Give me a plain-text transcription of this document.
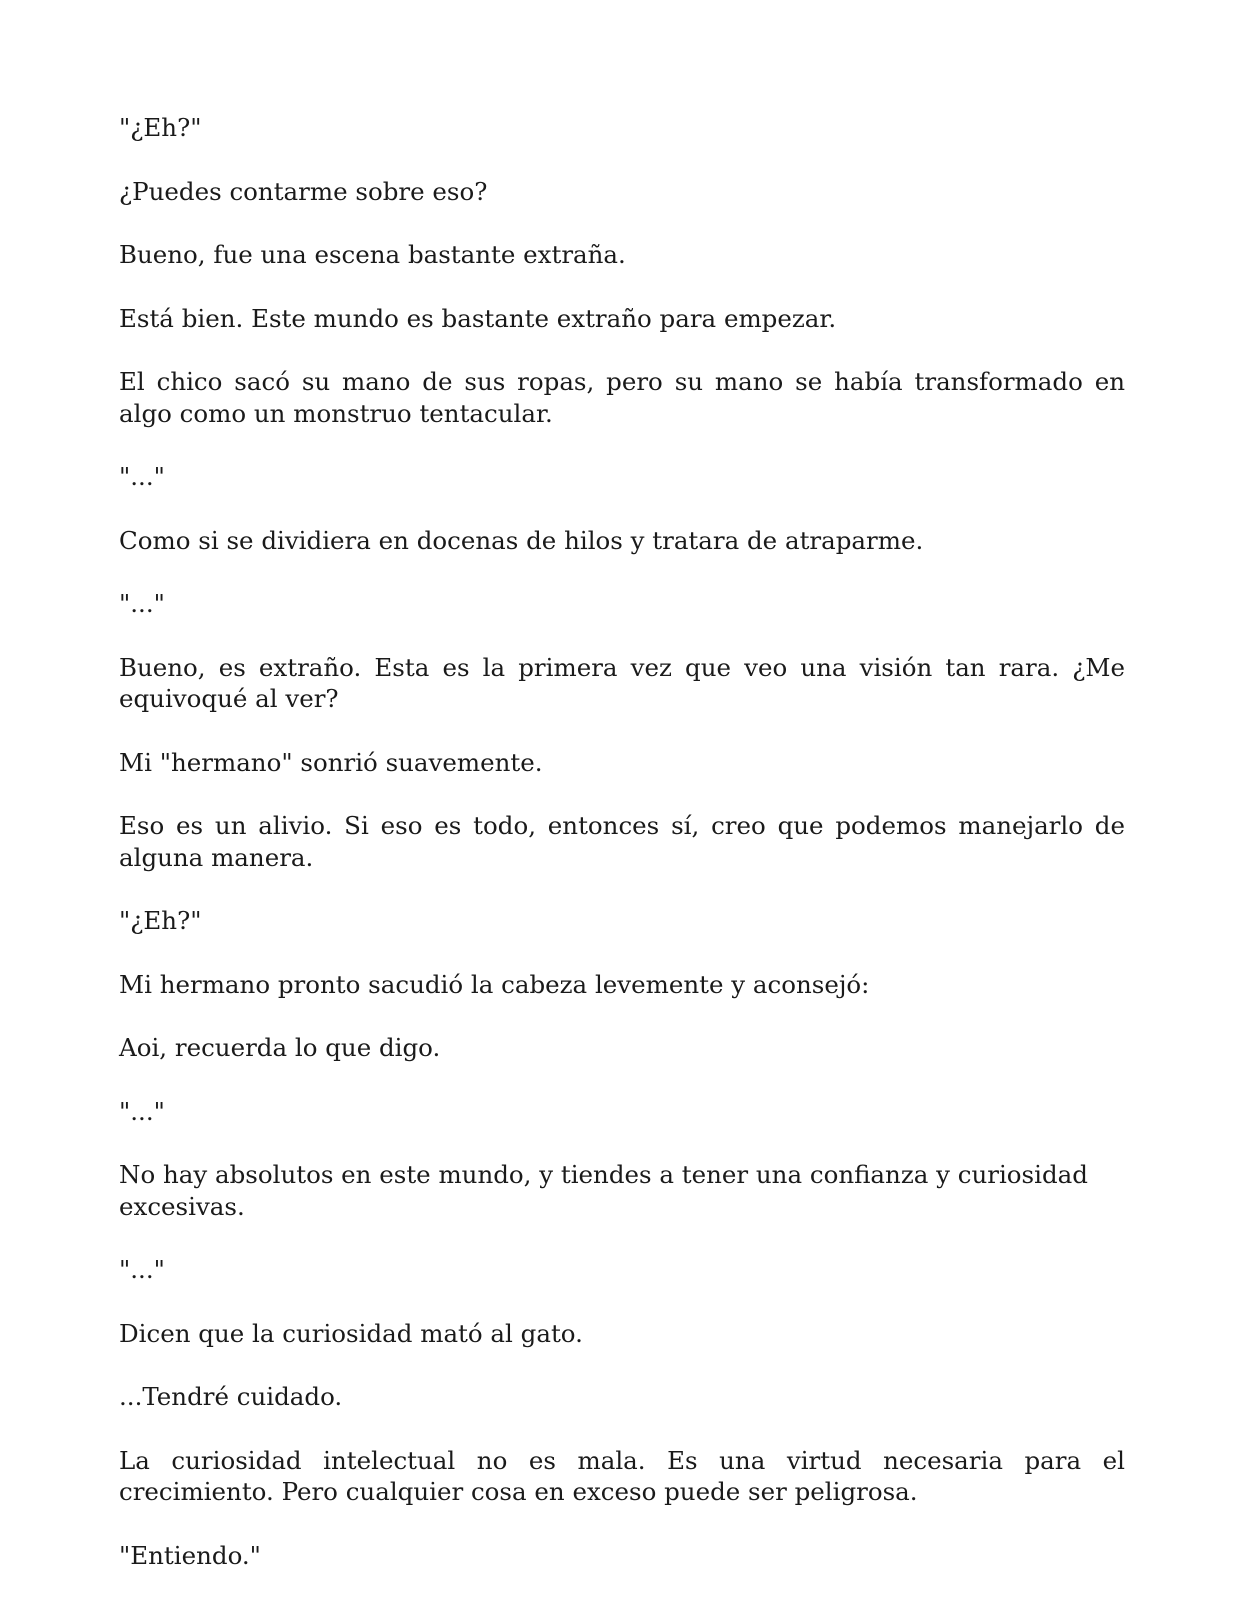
"¿Eh?"

¿Puedes contarme sobre eso?

Bueno, fue una escena bastante extraña.

Está bien. Este mundo es bastante extraño para empezar.

El chico sacó su mano de sus ropas, pero su mano se había transformado en algo como un monstruo tentacular.

"..."

Como si se dividiera en docenas de hilos y tratara de atraparme.

"..."

Bueno, es extraño. Esta es la primera vez que veo una visión tan rara. ¿Me equivoqué al ver?

Mi "hermano" sonrió suavemente.

Eso es un alivio. Si eso es todo, entonces sí, creo que podemos manejarlo de alguna manera.

"¿Eh?"

Mi hermano pronto sacudió la cabeza levemente y aconsejó:

Aoi, recuerda lo que digo.

"..."

No hay absolutos en este mundo, y tiendes a tener una confianza y curiosidad excesivas.

"..."

Dicen que la curiosidad mató al gato.

...Tendré cuidado.

La curiosidad intelectual no es mala. Es una virtud necesaria para el crecimiento. Pero cualquier cosa en exceso puede ser peligrosa.

"Entiendo."
